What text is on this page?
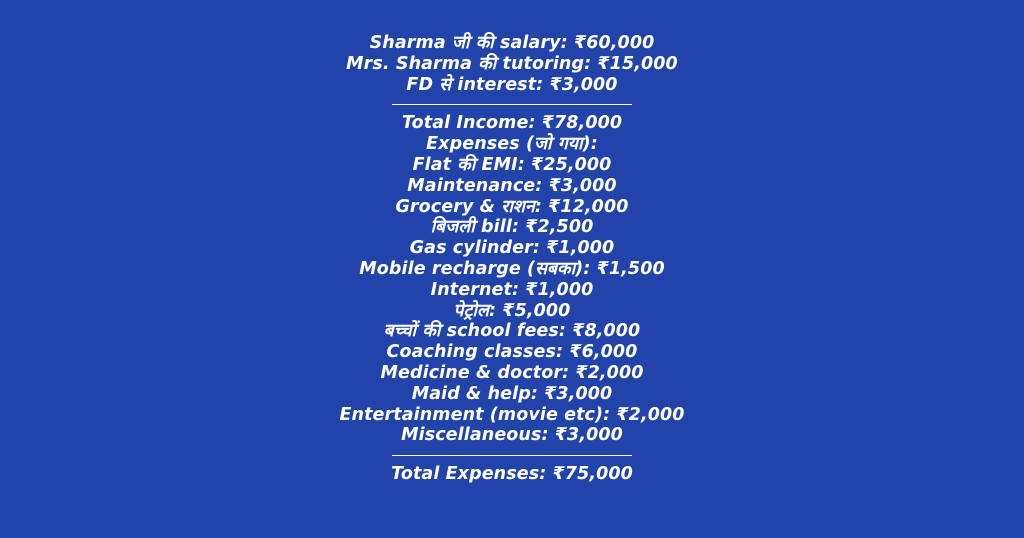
Sharma जी की salary: ₹60,000
Mrs. Sharma की tutoring: ₹15,000
FD से interest: ₹3,000
Total Income: ₹78,000
Expenses (जो गया):
Flat की EMI: ₹25,000
Maintenance: ₹3,000
Grocery & राशन: ₹12,000
बिजली bill: ₹2,500
Gas cylinder: ₹1,000
Mobile recharge (सबका): ₹1,500
Internet: ₹1,000
पेट्रोल: ₹5,000
बच्चों की school fees: ₹8,000
Coaching classes: ₹6,000
Medicine & doctor: ₹2,000
Maid & help: ₹3,000
Entertainment (movie etc): ₹2,000
Miscellaneous: ₹3,000
Total Expenses: ₹75,000
